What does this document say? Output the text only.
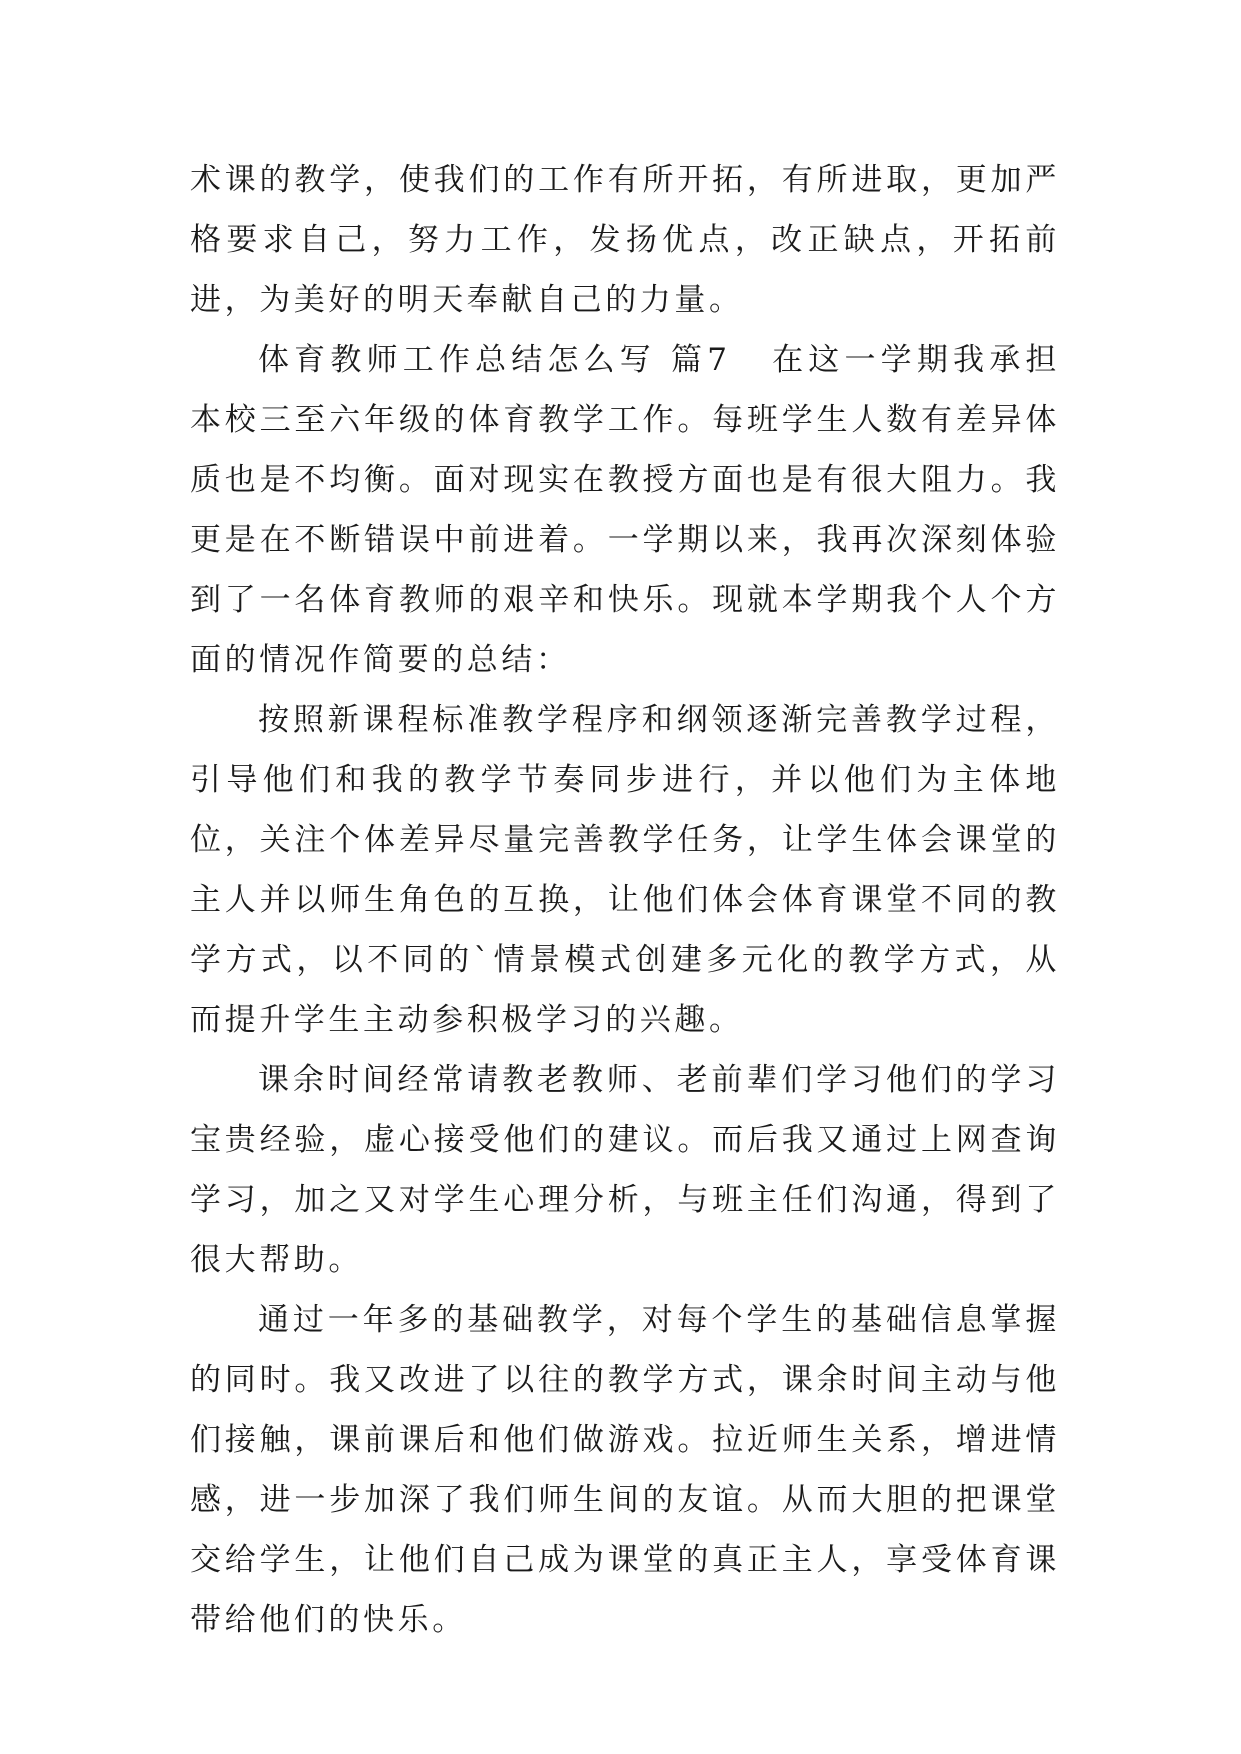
术课的教学，使我们的工作有所开拓，有所进取，更加严格要求自己，努力工作，发扬优点，改正缺点，开拓前进，为美好的明天奉献自己的力量。

体育教师工作总结怎么写 篇7 在这一学期我承担本校三至六年级的体育教学工作。每班学生人数有差异体质也是不均衡。面对现实在教授方面也是有很大阻力。我更是在不断错误中前进着。一学期以来，我再次深刻体验到了一名体育教师的艰辛和快乐。现就本学期我个人个方面的情况作简要的总结：

按照新课程标准教学程序和纲领逐渐完善教学过程，引导他们和我的教学节奏同步进行，并以他们为主体地位，关注个体差异尽量完善教学任务，让学生体会课堂的主人并以师生角色的互换，让他们体会体育课堂不同的教学方式，以不同的`情景模式创建多元化的教学方式，从而提升学生主动参积极学习的兴趣。

课余时间经常请教老教师、老前辈们学习他们的学习宝贵经验，虚心接受他们的建议。而后我又通过上网查询学习，加之又对学生心理分析，与班主任们沟通，得到了很大帮助。

通过一年多的基础教学，对每个学生的基础信息掌握的同时。我又改进了以往的教学方式，课余时间主动与他们接触，课前课后和他们做游戏。拉近师生关系，增进情感，进一步加深了我们师生间的友谊。从而大胆的把课堂交给学生，让他们自己成为课堂的真正主人，享受体育课带给他们的快乐。
